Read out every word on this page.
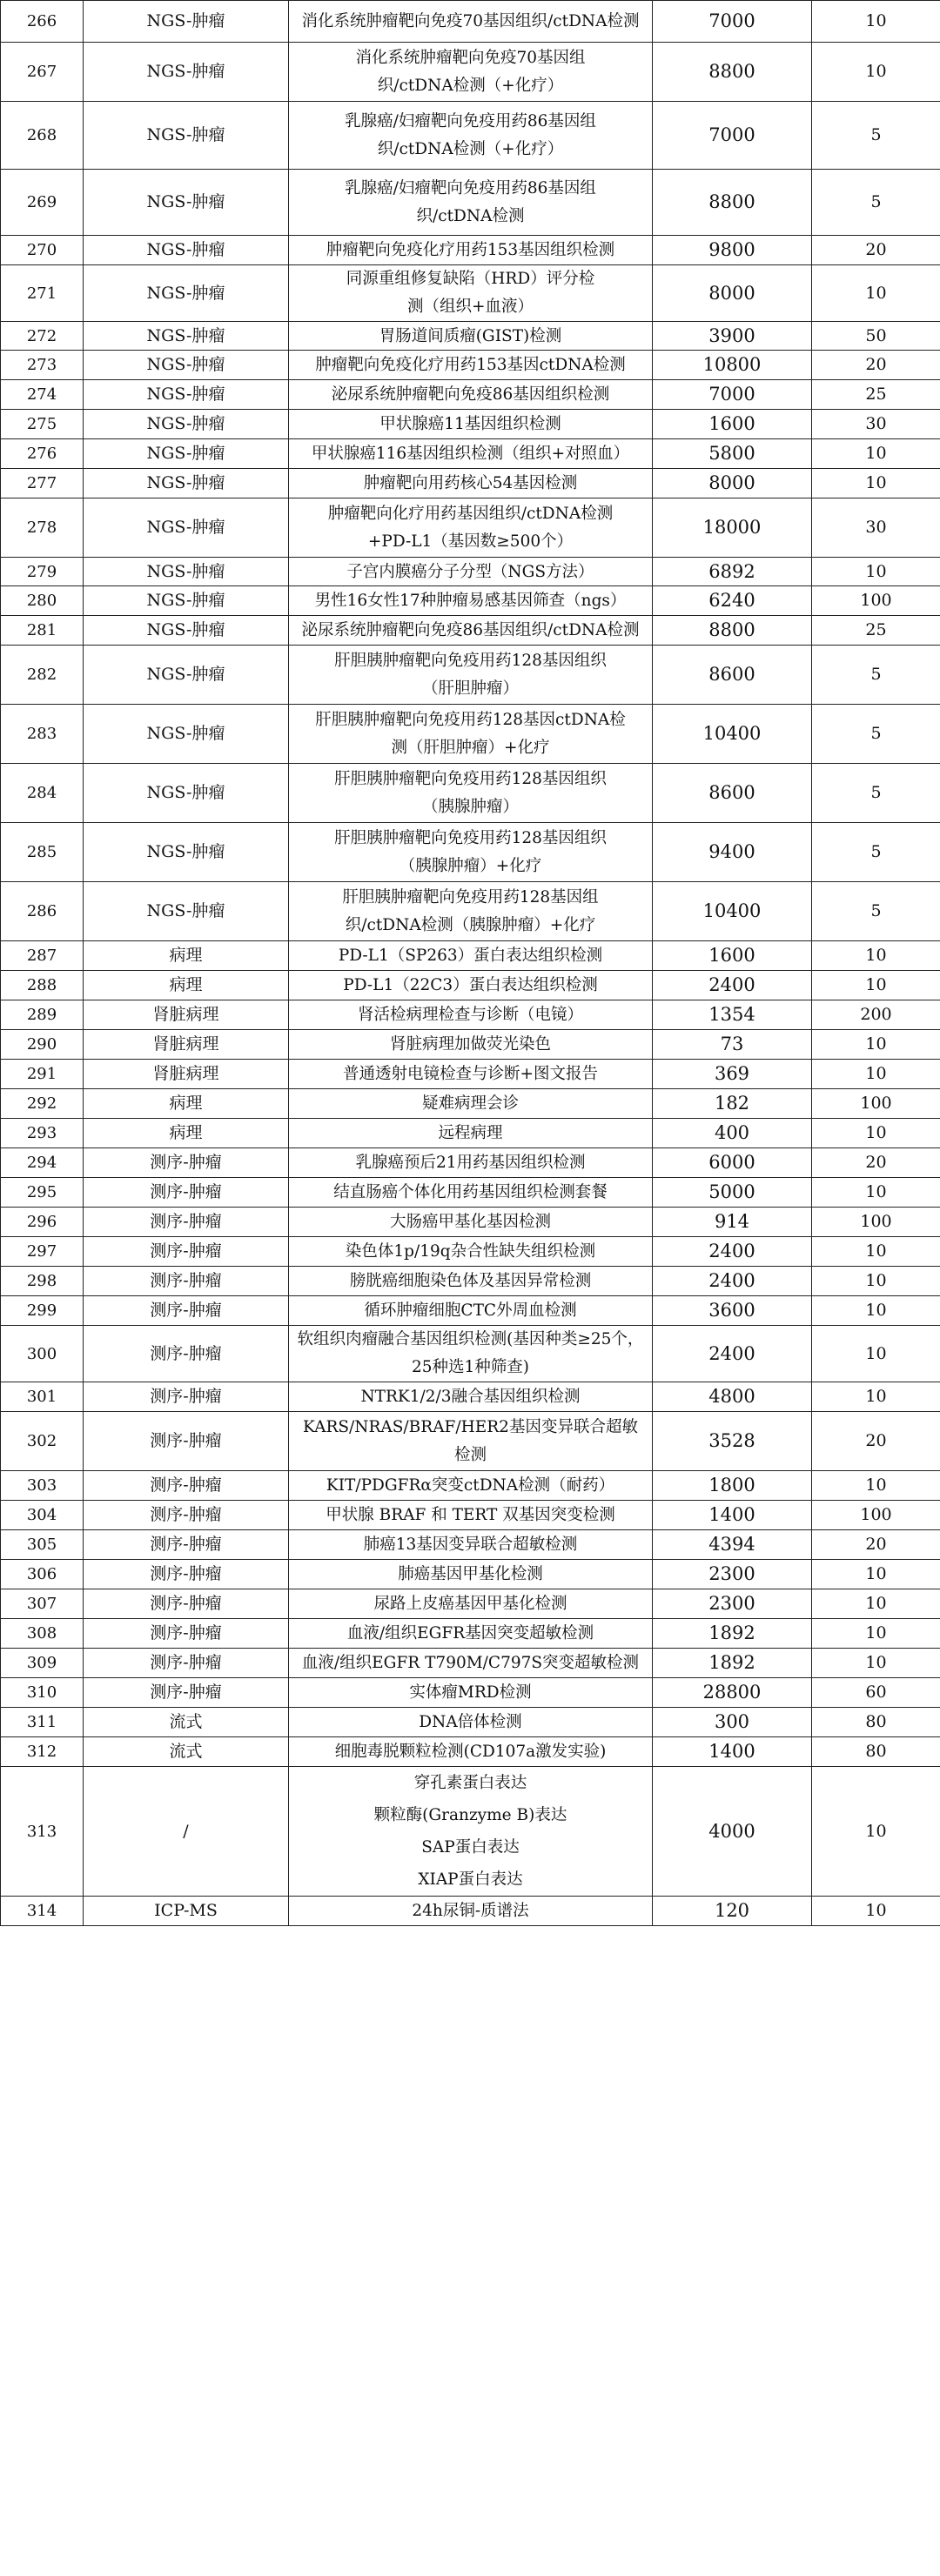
266	NGS-肿瘤	消化系统肿瘤靶向免疫70基因组织/ctDNA检测	7000	10
267	NGS-肿瘤	消化系统肿瘤靶向免疫70基因组织/ctDNA检测（+化疗）	8800	10
268	NGS-肿瘤	乳腺癌/妇瘤靶向免疫用药86基因组织/ctDNA检测（+化疗）	7000	5
269	NGS-肿瘤	乳腺癌/妇瘤靶向免疫用药86基因组织/ctDNA检测	8800	5
270	NGS-肿瘤	肿瘤靶向免疫化疗用药153基因组织检测	9800	20
271	NGS-肿瘤	同源重组修复缺陷（HRD）评分检测（组织+血液）	8000	10
272	NGS-肿瘤	胃肠道间质瘤(GIST)检测	3900	50
273	NGS-肿瘤	肿瘤靶向免疫化疗用药153基因ctDNA检测	10800	20
274	NGS-肿瘤	泌尿系统肿瘤靶向免疫86基因组织检测	7000	25
275	NGS-肿瘤	甲状腺癌11基因组织检测	1600	30
276	NGS-肿瘤	甲状腺癌116基因组织检测（组织+对照血）	5800	10
277	NGS-肿瘤	肿瘤靶向用药核心54基因检测	8000	10
278	NGS-肿瘤	肿瘤靶向化疗用药基因组织/ctDNA检测+PD-L1（基因数≥500个）	18000	30
279	NGS-肿瘤	子宫内膜癌分子分型（NGS方法）	6892	10
280	NGS-肿瘤	男性16女性17种肿瘤易感基因筛查（ngs）	6240	100
281	NGS-肿瘤	泌尿系统肿瘤靶向免疫86基因组织/ctDNA检测	8800	25
282	NGS-肿瘤	肝胆胰肿瘤靶向免疫用药128基因组织（肝胆肿瘤）	8600	5
283	NGS-肿瘤	肝胆胰肿瘤靶向免疫用药128基因ctDNA检测（肝胆肿瘤）+化疗	10400	5
284	NGS-肿瘤	肝胆胰肿瘤靶向免疫用药128基因组织（胰腺肿瘤）	8600	5
285	NGS-肿瘤	肝胆胰肿瘤靶向免疫用药128基因组织（胰腺肿瘤）+化疗	9400	5
286	NGS-肿瘤	肝胆胰肿瘤靶向免疫用药128基因组织/ctDNA检测（胰腺肿瘤）+化疗	10400	5
287	病理	PD-L1（SP263）蛋白表达组织检测	1600	10
288	病理	PD-L1（22C3）蛋白表达组织检测	2400	10
289	肾脏病理	肾活检病理检查与诊断（电镜）	1354	200
290	肾脏病理	肾脏病理加做荧光染色	73	10
291	肾脏病理	普通透射电镜检查与诊断+图文报告	369	10
292	病理	疑难病理会诊	182	100
293	病理	远程病理	400	10
294	测序-肿瘤	乳腺癌预后21用药基因组织检测	6000	20
295	测序-肿瘤	结直肠癌个体化用药基因组织检测套餐	5000	10
296	测序-肿瘤	大肠癌甲基化基因检测	914	100
297	测序-肿瘤	染色体1p/19q杂合性缺失组织检测	2400	10
298	测序-肿瘤	膀胱癌细胞染色体及基因异常检测	2400	10
299	测序-肿瘤	循环肿瘤细胞CTC外周血检测	3600	10
300	测序-肿瘤	软组织肉瘤融合基因组织检测(基因种类≥25个，25种选1种筛查)	2400	10
301	测序-肿瘤	NTRK1/2/3融合基因组织检测	4800	10
302	测序-肿瘤	KARS/NRAS/BRAF/HER2基因变异联合超敏检测	3528	20
303	测序-肿瘤	KIT/PDGFRα突变ctDNA检测（耐药）	1800	10
304	测序-肿瘤	甲状腺 BRAF 和 TERT 双基因突变检测	1400	100
305	测序-肿瘤	肺癌13基因变异联合超敏检测	4394	20
306	测序-肿瘤	肺癌基因甲基化检测	2300	10
307	测序-肿瘤	尿路上皮癌基因甲基化检测	2300	10
308	测序-肿瘤	血液/组织EGFR基因突变超敏检测	1892	10
309	测序-肿瘤	血液/组织EGFR T790M/C797S突变超敏检测	1892	10
310	测序-肿瘤	实体瘤MRD检测	28800	60
311	流式	DNA倍体检测	300	80
312	流式	细胞毒脱颗粒检测(CD107a激发实验)	1400	80
313	/	穿孔素蛋白表达
颗粒酶(Granzyme B)表达
SAP蛋白表达
XIAP蛋白表达	4000	10
314	ICP-MS	24h尿铜-质谱法	120	10
